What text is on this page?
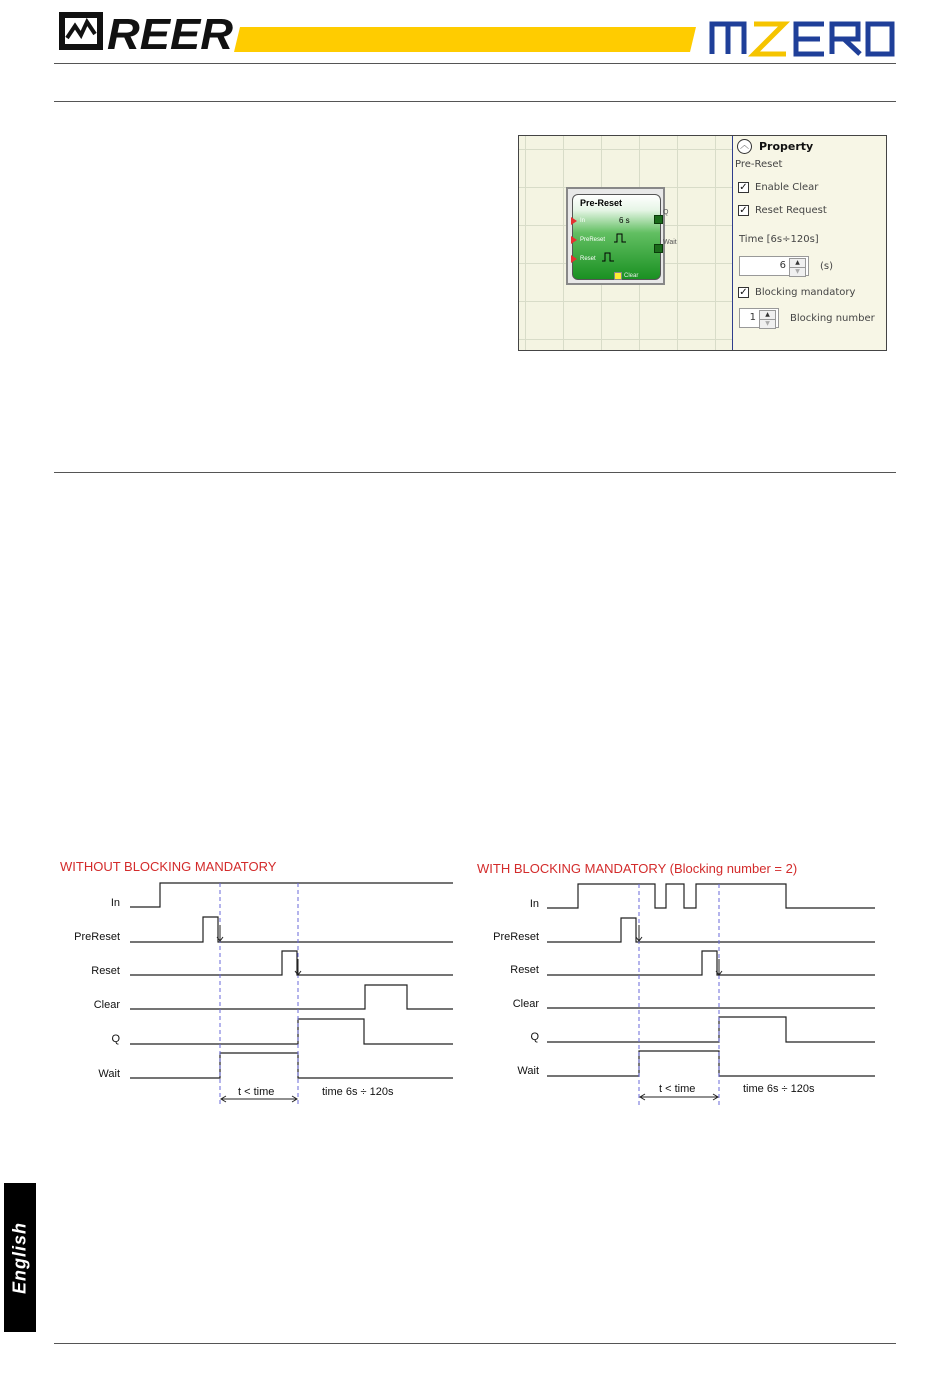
REER
Pre-Reset
6 s
In
PreReset
Reset
Clear
Q
Wait
︿ Property
Pre-Reset
✓ Enable Clear
✓ Reset Request
Time [6s÷120s]
6	▲
▼	(s)
✓ Blocking mandatory
1	▲
▼	Blocking number
WITHOUT BLOCKING MANDATORY
In
PreReset
Reset
Clear
Q
Wait
t < time	time 6s ÷ 120s
WITH BLOCKING MANDATORY (Blocking number = 2)
In
PreReset
Reset
Clear
Q
Wait
t < time	time 6s ÷ 120s
English
